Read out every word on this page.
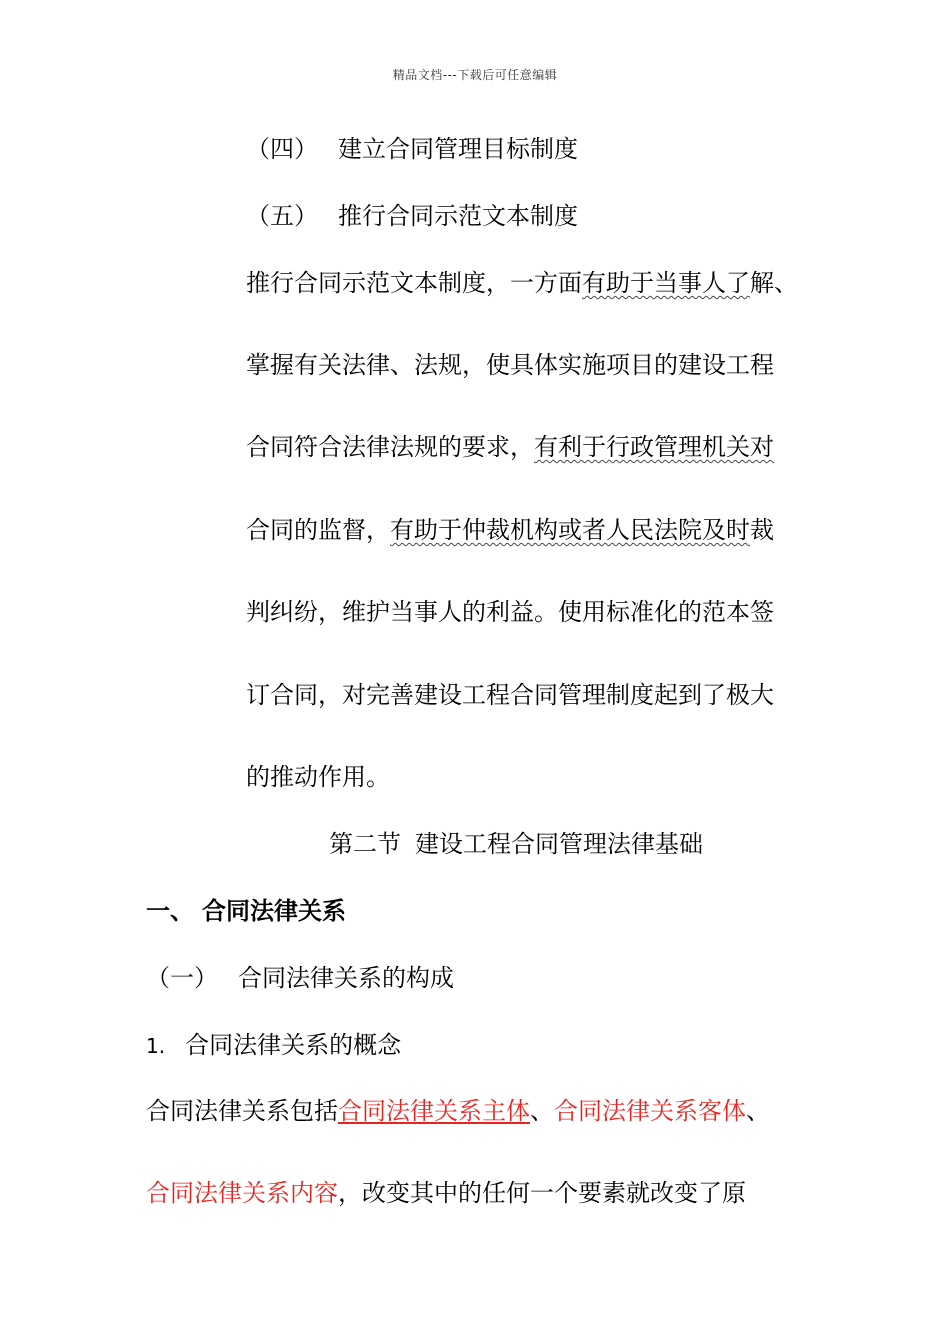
精品文档---下载后可任意编辑
（四） 建立合同管理目标制度
（五） 推行合同示范文本制度
推行合同示范文本制度，一方面有助于当事人了解、
掌握有关法律、法规，使具体实施项目的建设工程
合同符合法律法规的要求，有利于行政管理机关对
合同的监督，有助于仲裁机构或者人民法院及时裁
判纠纷，维护当事人的利益。使用标准化的范本签
订合同，对完善建设工程合同管理制度起到了极大
的推动作用。
第二节 建设工程合同管理法律基础
一、 合同法律关系
（一） 合同法律关系的构成
1. 合同法律关系的概念
合同法律关系包括合同法律关系主体、合同法律关系客体、
合同法律关系内容，改变其中的任何一个要素就改变了原
